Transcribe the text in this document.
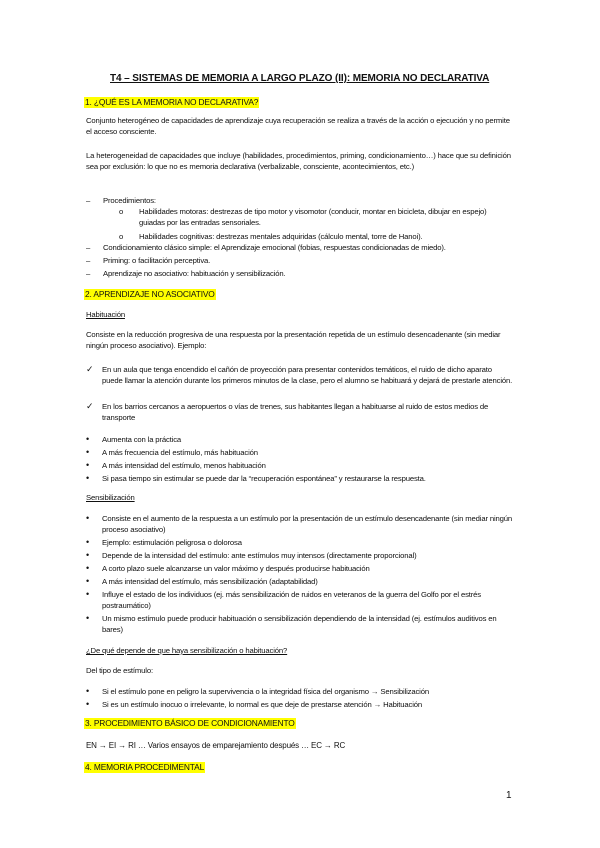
T4 – SISTEMAS DE MEMORIA A LARGO PLAZO (II): MEMORIA NO DECLARATIVA
1. ¿QUÉ ES LA MEMORIA NO DECLARATIVA?
Conjunto heterogéneo de capacidades de aprendizaje cuya recuperación se realiza a través de la acción o ejecución y no permite el acceso consciente.
La heterogeneidad de capacidades que incluye (habilidades, procedimientos, priming, condicionamiento…) hace que su definición sea por exclusión: lo que no es memoria declarativa (verbalizable, consciente, acontecimientos, etc.)
– Procedimientos:
o Habilidades motoras: destrezas de tipo motor y visomotor (conducir, montar en bicicleta, dibujar en espejo) guiadas por las entradas sensoriales.
o Habilidades cognitivas: destrezas mentales adquiridas (cálculo mental, torre de Hanoi).
– Condicionamiento clásico simple: el Aprendizaje emocional (fobias, respuestas condicionadas de miedo).
– Priming: o facilitación perceptiva.
– Aprendizaje no asociativo: habituación y sensibilización.
2. APRENDIZAJE NO ASOCIATIVO
Habituación
Consiste en la reducción progresiva de una respuesta por la presentación repetida de un estímulo desencadenante (sin mediar ningún proceso asociativo). Ejemplo:
✓ En un aula que tenga encendido el cañón de proyección para presentar contenidos temáticos, el ruido de dicho aparato puede llamar la atención durante los primeros minutos de la clase, pero el alumno se habituará y dejará de prestarle atención.
✓ En los barrios cercanos a aeropuertos o vías de trenes, sus habitantes llegan a habituarse al ruido de estos medios de transporte
• Aumenta con la práctica
• A más frecuencia del estímulo, más habituación
• A más intensidad del estímulo, menos habituación
• Si pasa tiempo sin estimular se puede dar la “recuperación espontánea” y restaurarse la respuesta.
Sensibilización
• Consiste en el aumento de la respuesta a un estímulo por la presentación de un estímulo desencadenante (sin mediar ningún proceso asociativo)
• Ejemplo: estimulación peligrosa o dolorosa
• Depende de la intensidad del estímulo: ante estímulos muy intensos (directamente proporcional)
• A corto plazo suele alcanzarse un valor máximo y después producirse habituación
• A más intensidad del estímulo, más sensibilización (adaptabilidad)
• Influye el estado de los individuos (ej. más sensibilización de ruidos en veteranos de la guerra del Golfo por el estrés postraumático)
• Un mismo estímulo puede producir habituación o sensibilización dependiendo de la intensidad (ej. estímulos auditivos en bares)
¿De qué depende de que haya sensibilización o habituación?
Del tipo de estímulo:
• Si el estímulo pone en peligro la supervivencia o la integridad física del organismo → Sensibilización
• Si es un estímulo inocuo o irrelevante, lo normal es que deje de prestarse atención → Habituación
3. PROCEDIMIENTO BÁSICO DE CONDICIONAMIENTO
EN → EI → RI … Varios ensayos de emparejamiento después … EC → RC
4. MEMORIA PROCEDIMENTAL
1
